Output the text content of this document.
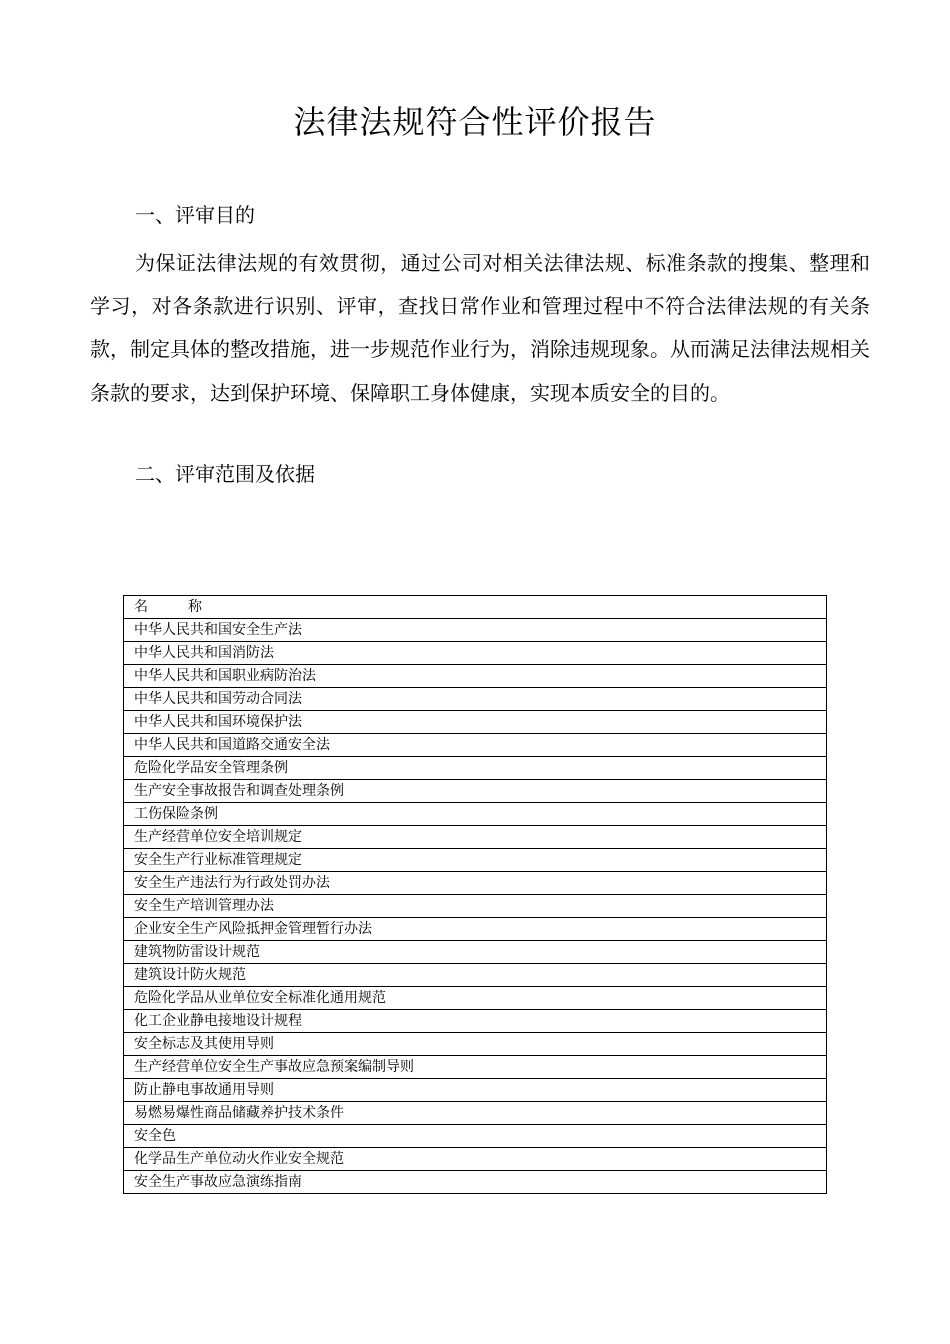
法律法规符合性评价报告
一、评审目的
为保证法律法规的有效贯彻，通过公司对相关法律法规、标准条款的搜集、整理和学习，对各条款进行识别、评审，查找日常作业和管理过程中不符合法律法规的有关条款，制定具体的整改措施，进一步规范作业行为，消除违规现象。从而满足法律法规相关条款的要求，达到保护环境、保障职工身体健康，实现本质安全的目的。
二、评审范围及依据
名	称
中华人民共和国安全生产法
中华人民共和国消防法
中华人民共和国职业病防治法
中华人民共和国劳动合同法
中华人民共和国环境保护法
中华人民共和国道路交通安全法
危险化学品安全管理条例
生产安全事故报告和调查处理条例
工伤保险条例
生产经营单位安全培训规定
安全生产行业标准管理规定
安全生产违法行为行政处罚办法
安全生产培训管理办法
企业安全生产风险抵押金管理暂行办法
建筑物防雷设计规范
建筑设计防火规范
危险化学品从业单位安全标准化通用规范
化工企业静电接地设计规程
安全标志及其使用导则
生产经营单位安全生产事故应急预案编制导则
防止静电事故通用导则
易燃易爆性商品储藏养护技术条件
安全色
化学品生产单位动火作业安全规范
安全生产事故应急演练指南
